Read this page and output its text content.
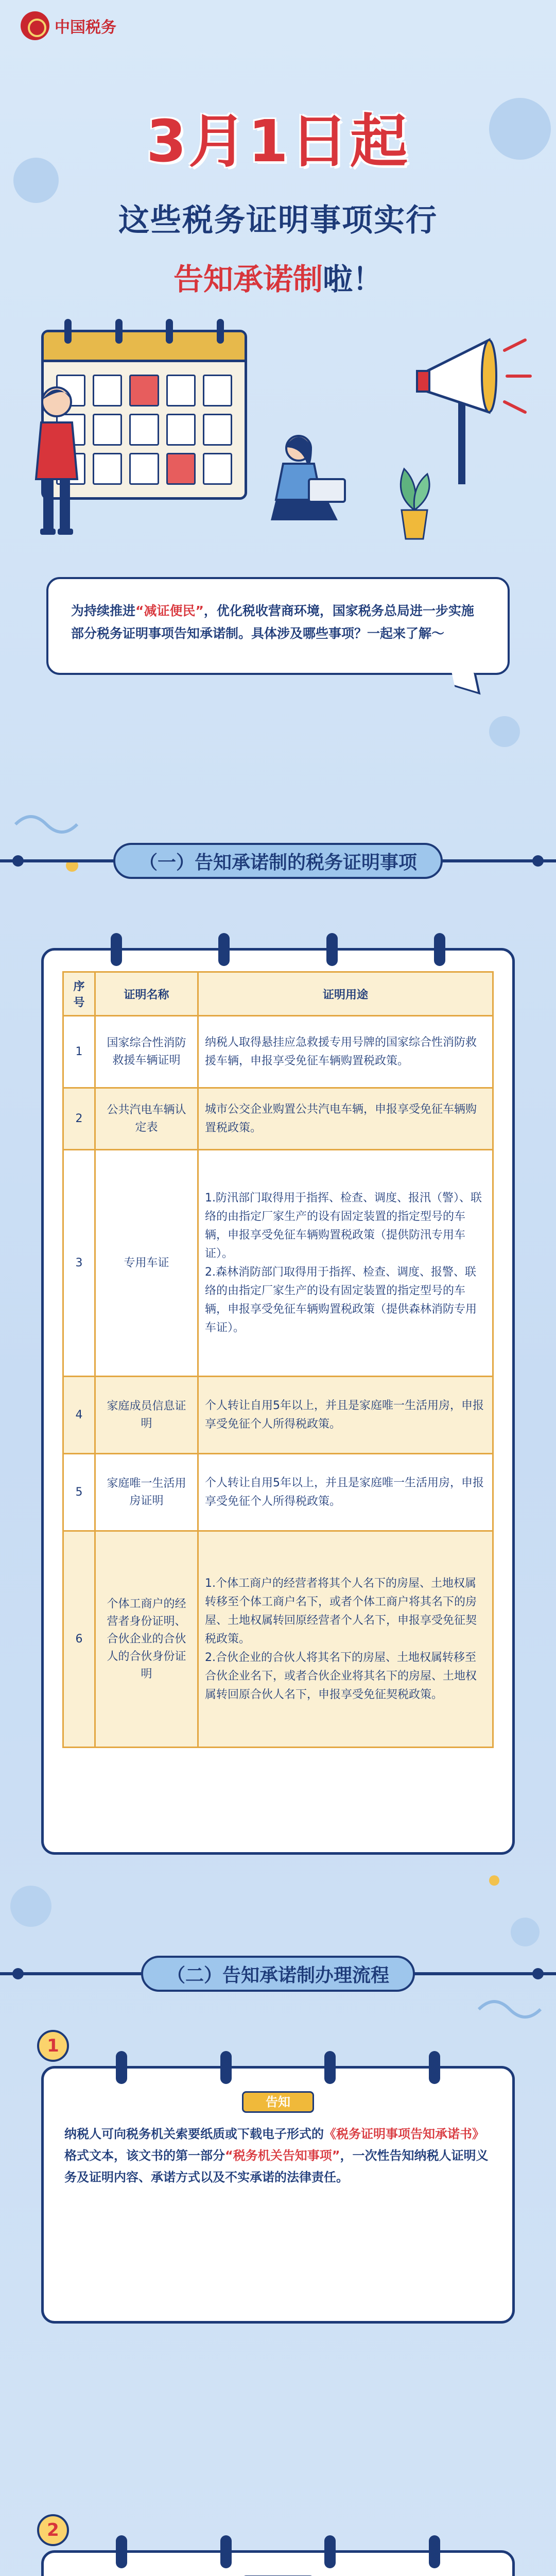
中国税务
3月1日起
这些税务证明事项实行
告知承诺制啦！

为持续推进“减证便民”，优化税收营商环境，国家税务总局进一步实施部分税务证明事项告知承诺制。具体涉及哪些事项？一起来了解～

（一）告知承诺制的税务证明事项
序号	证明名称	证明用途
1	国家综合性消防救援车辆证明	纳税人取得悬挂应急救援专用号牌的国家综合性消防救援车辆，申报享受免征车辆购置税政策。
2	公共汽电车辆认定表	城市公交企业购置公共汽电车辆，申报享受免征车辆购置税政策。
3	专用车证	1.防汛部门取得用于指挥、检查、调度、报汛（警）、联络的由指定厂家生产的设有固定装置的指定型号的车辆，申报享受免征车辆购置税政策（提供防汛专用车证）。
2.森林消防部门取得用于指挥、检查、调度、报警、联络的由指定厂家生产的设有固定装置的指定型号的车辆，申报享受免征车辆购置税政策（提供森林消防专用车证）。
4	家庭成员信息证明	个人转让自用5年以上，并且是家庭唯一生活用房，申报享受免征个人所得税政策。
5	家庭唯一生活用房证明	个人转让自用5年以上，并且是家庭唯一生活用房，申报享受免征个人所得税政策。
6	个体工商户的经营者身份证明、合伙企业的合伙人的合伙身份证明	1.个体工商户的经营者将其个人名下的房屋、土地权属转移至个体工商户名下，或者个体工商户将其名下的房屋、土地权属转回原经营者个人名下，申报享受免征契税政策。
2.合伙企业的合伙人将其名下的房屋、土地权属转移至合伙企业名下，或者合伙企业将其名下的房屋、土地权属转回原合伙人名下，申报享受免征契税政策。
（二）告知承诺制办理流程
告知

纳税人可向税务机关索要纸质或下载电子形式的《税务证明事项告知承诺书》格式文本，该文书的第一部分“税务机关告知事项”，一次性告知纳税人证明义务及证明内容、承诺方式以及不实承诺的法律责任。

1

2
